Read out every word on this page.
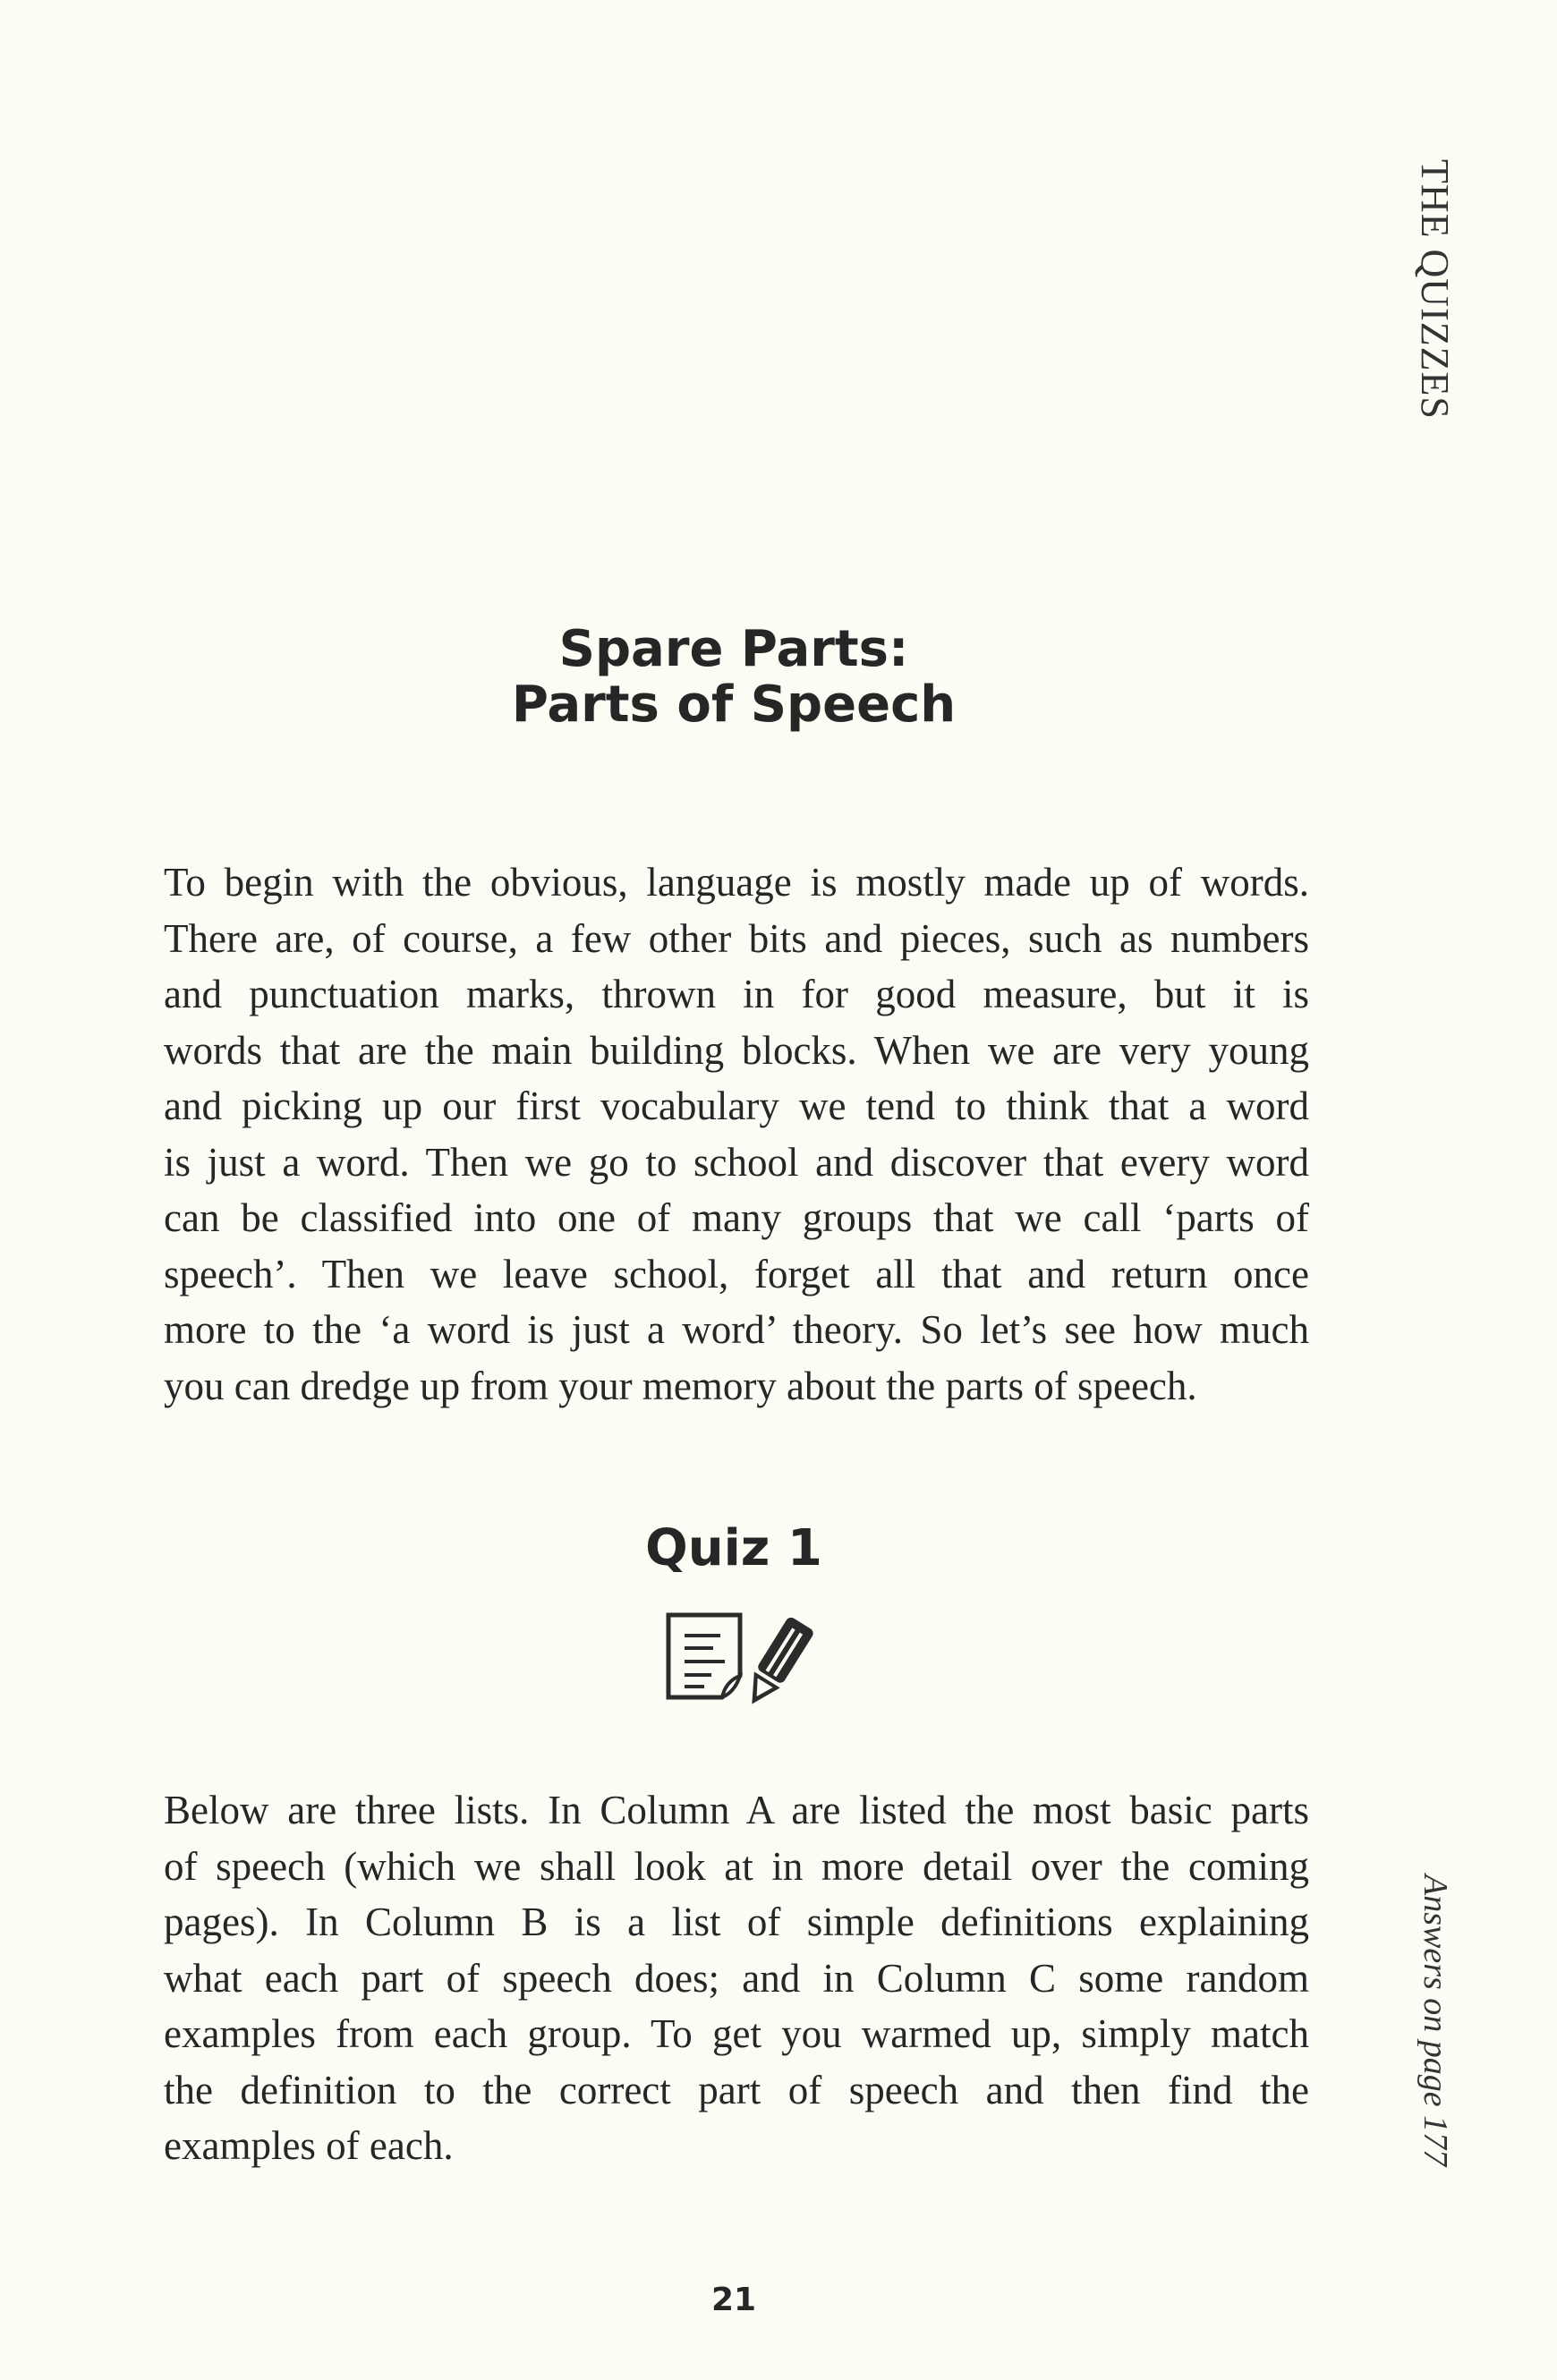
THE QUIZZES
Spare Parts:
Parts of Speech
To begin with the obvious, language is mostly made up of words.
There are, of course, a few other bits and pieces, such as numbers
and punctuation marks, thrown in for good measure, but it is
words that are the main building blocks. When we are very young
and picking up our first vocabulary we tend to think that a word
is just a word. Then we go to school and discover that every word
can be classified into one of many groups that we call ‘parts of
speech’. Then we leave school, forget all that and return once
more to the ‘a word is just a word’ theory. So let’s see how much
you can dredge up from your memory about the parts of speech.
Quiz 1
Below are three lists. In Column A are listed the most basic parts
of speech (which we shall look at in more detail over the coming
pages). In Column B is a list of simple definitions explaining
what each part of speech does; and in Column C some random
examples from each group. To get you warmed up, simply match
the definition to the correct part of speech and then find the
examples of each.	Answers on page 177
21
